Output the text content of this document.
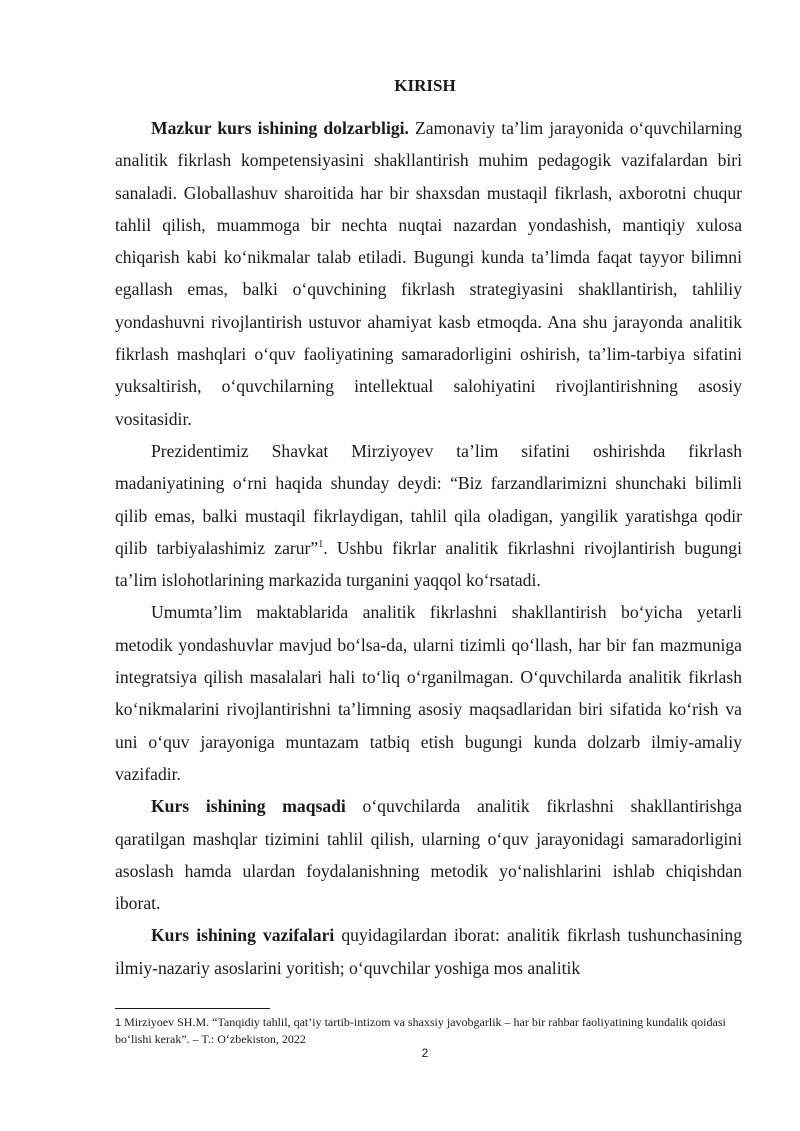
KIRISH

Mazkur kurs ishining dolzarbligi. Zamonaviy ta’lim jarayonida o‘quvchilarning analitik fikrlash kompetensiyasini shakllantirish muhim pedagogik vazifalardan biri sanaladi. Globallashuv sharoitida har bir shaxsdan mustaqil fikrlash, axborotni chuqur tahlil qilish, muammoga bir nechta nuqtai nazardan yondashish, mantiqiy xulosa chiqarish kabi ko‘nikmalar talab etiladi. Bugungi kunda ta’limda faqat tayyor bilimni egallash emas, balki o‘quvchining fikrlash strategiyasini shakllantirish, tahliliy yondashuvni rivojlantirish ustuvor ahamiyat kasb etmoqda. Ana shu jarayonda analitik fikrlash mashqlari o‘quv faoliyatining samaradorligini oshirish, ta’lim-tarbiya sifatini yuksaltirish, o‘quvchilarning intellektual salohiyatini rivojlantirishning asosiy vositasidir.

Prezidentimiz Shavkat Mirziyoyev ta’lim sifatini oshirishda fikrlash madaniyatining o‘rni haqida shunday deydi: “Biz farzandlarimizni shunchaki bilimli qilib emas, balki mustaqil fikrlaydigan, tahlil qila oladigan, yangilik yaratishga qodir qilib tarbiyalashimiz zarur”$^1$. Ushbu fikrlar analitik fikrlashni rivojlantirish bugungi ta’lim islohotlarining markazida turganini yaqqol ko‘rsatadi.

Umumta’lim maktablarida analitik fikrlashni shakllantirish bo‘yicha yetarli metodik yondashuvlar mavjud bo‘lsa-da, ularni tizimli qo‘llash, har bir fan mazmuniga integratsiya qilish masalalari hali to‘liq o‘rganilmagan. O‘quvchilarda analitik fikrlash ko‘nikmalarini rivojlantirishni ta’limning asosiy maqsadlaridan biri sifatida ko‘rish va uni o‘quv jarayoniga muntazam tatbiq etish bugungi kunda dolzarb ilmiy-amaliy vazifadir.

Kurs ishining maqsadi o‘quvchilarda analitik fikrlashni shakllantirishga qaratilgan mashqlar tizimini tahlil qilish, ularning o‘quv jarayonidagi samaradorligini asoslash hamda ulardan foydalanishning metodik yo‘nalishlarini ishlab chiqishdan iborat.

Kurs ishining vazifalari quyidagilardan iborat: analitik fikrlash tushunchasining ilmiy-nazariy asoslarini yoritish; o‘quvchilar yoshiga mos analitik

1 Mirziyoev SH.M. “Tanqidiy tahlil, qat’iy tartib-intizom va shaxsiy javobgarlik – har bir rahbar faoliyatining kundalik qoidasi bo‘lishi kerak”. – T.: O‘zbekiston, 2022
2
